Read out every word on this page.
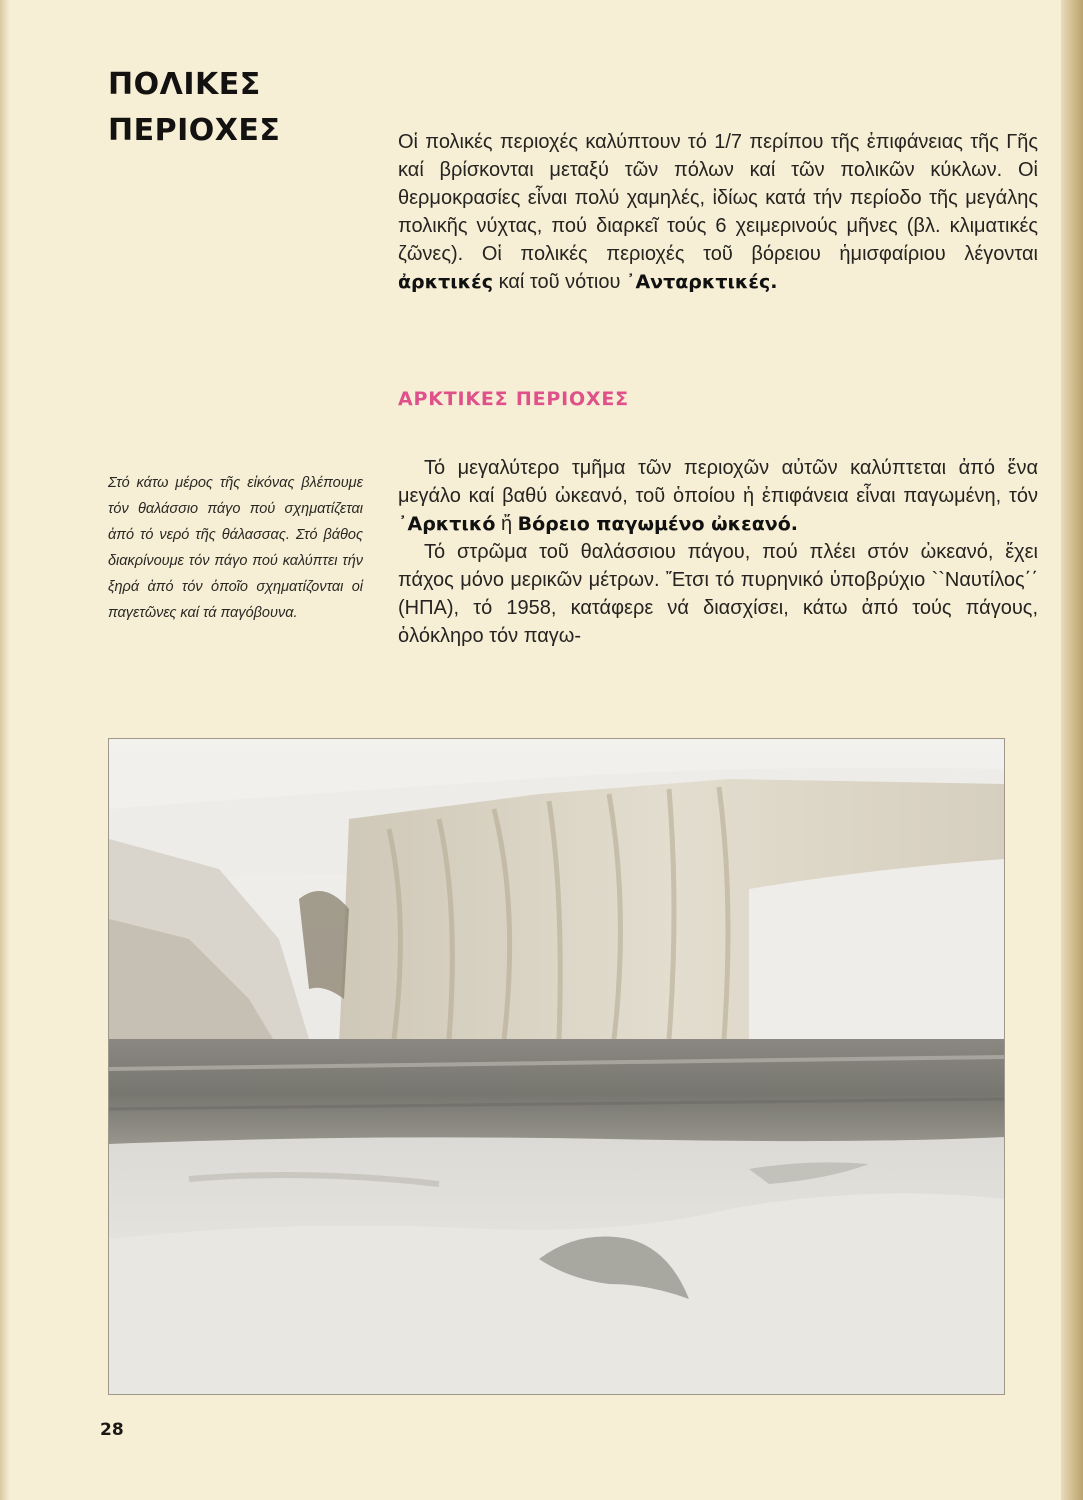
ΠΟΛΙΚΕΣ
ΠΕΡΙΟΧΕΣ	Οἱ πολικές περιοχές καλύπτουν τό 1/7 περίπου τῆς ἐπιφάνειας τῆς Γῆς καί βρίσκονται μεταξύ τῶν πόλων καί τῶν πολικῶν κύκλων. Οἱ θερμοκρασίες εἶναι πολύ χαμηλές, ἰδίως κατά τήν περίοδο τῆς μεγάλης πολικῆς νύχτας, πού διαρκεῖ τούς 6 χειμερινούς μῆνες (βλ. κλιματικές ζῶνες). Οἱ πολικές περιοχές τοῦ βόρειου ἡμισφαίριου λέγονται ἀρκτικές καί τοῦ νότιου ᾿Ανταρκτικές.

ΑΡΚΤΙΚΕΣ ΠΕΡΙΟΧΕΣ

Στό κάτω μέρος τῆς εἰκόνας βλέπουμε τόν θαλάσσιο πάγο πού σχηματίζεται ἀπό τό νερό τῆς θάλασσας. Στό βάθος διακρίνουμε τόν πάγο πού καλύπτει τήν ξηρά ἀπό τόν ὁποῖο σχηματίζονται οἱ παγετῶνες καί τά παγόβουνα.

Τό μεγαλύτερο τμῆμα τῶν περιοχῶν αὐτῶν καλύπτεται ἀπό ἕνα μεγάλο καί βαθύ ὠκεανό, τοῦ ὁποίου ἡ ἐπιφάνεια εἶναι παγωμένη, τόν ᾿Αρκτικό ἤ Βόρειο παγωμένο ὠκεανό.

Τό στρῶμα τοῦ θαλάσσιου πάγου, πού πλέει στόν ὠκεανό, ἔχει πάχος μόνο μερικῶν μέτρων. Ἔτσι τό πυρηνικό ὑποβρύχιο ``Ναυτίλος΄΄ (ΗΠΑ), τό 1958, κατάφερε νά διασχίσει, κάτω ἀπό τούς πάγους, ὁλόκληρο τόν παγω-

28
